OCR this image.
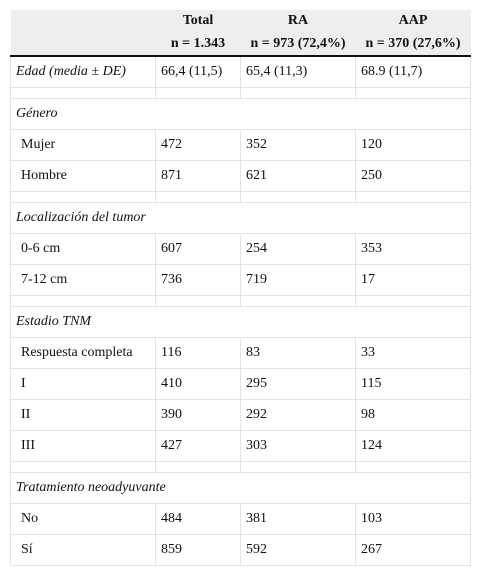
	Total	RA	AAP
	n = 1.343	n = 973 (72,4%)	n = 370 (27,6%)
Edad (media ± DE)	66,4 (11,5)	65,4 (11,3)	68.9 (11,7)

Género			
Mujer	472	352	120
Hombre	871	621	250

Localización del tumor			
0-6 cm	607	254	353
7-12 cm	736	719	17

Estadio TNM			
Respuesta completa	116	83	33
I	410	295	115
II	390	292	98
III	427	303	124

Tratamiento neoadyuvante			
No	484	381	103
Sí	859	592	267
